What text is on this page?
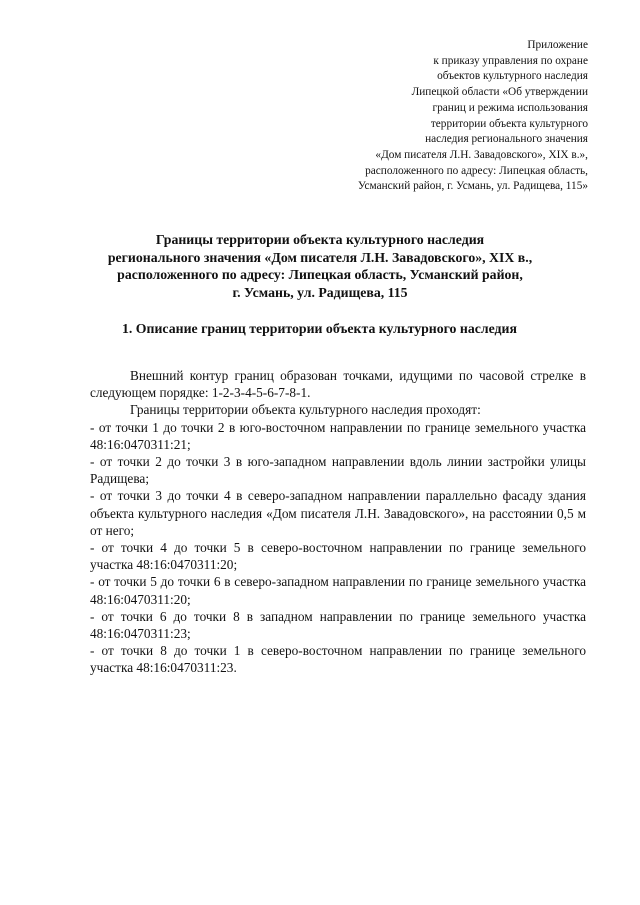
Приложение
к приказу управления по охране
объектов культурного наследия
Липецкой области «Об утверждении
границ и режима использования
территории объекта культурного
наследия регионального значения
«Дом писателя Л.Н. Завадовского», XIX в.»,
расположенного по адресу: Липецкая область,
Усманский район, г. Усмань, ул. Радищева, 115»
Границы территории объекта культурного наследия
регионального значения «Дом писателя Л.Н. Завадовского», XIX в.,
расположенного по адресу: Липецкая область, Усманский район,
г. Усмань, ул. Радищева, 115
1. Описание границ территории объекта культурного наследия

Внешний контур границ образован точками, идущими по часовой стрелке в следующем порядке: 1-2-3-4-5-6-7-8-1.

Границы территории объекта культурного наследия проходят:

- от точки 1 до точки 2 в юго-восточном направлении по границе земельного участка 48:16:0470311:21;

- от точки 2 до точки 3 в юго-западном направлении вдоль линии застройки улицы Радищева;

- от точки 3 до точки 4 в северо-западном направлении параллельно фасаду здания объекта культурного наследия «Дом писателя Л.Н. Завадовского», на расстоянии 0,5 м от него;

- от точки 4 до точки 5 в северо-восточном направлении по границе земельного участка 48:16:0470311:20;

- от точки 5 до точки 6 в северо-западном направлении по границе земельного участка 48:16:0470311:20;

- от точки 6 до точки 8 в западном направлении по границе земельного участка 48:16:0470311:23;

- от точки 8 до точки 1 в северо-восточном направлении по границе земельного участка 48:16:0470311:23.
